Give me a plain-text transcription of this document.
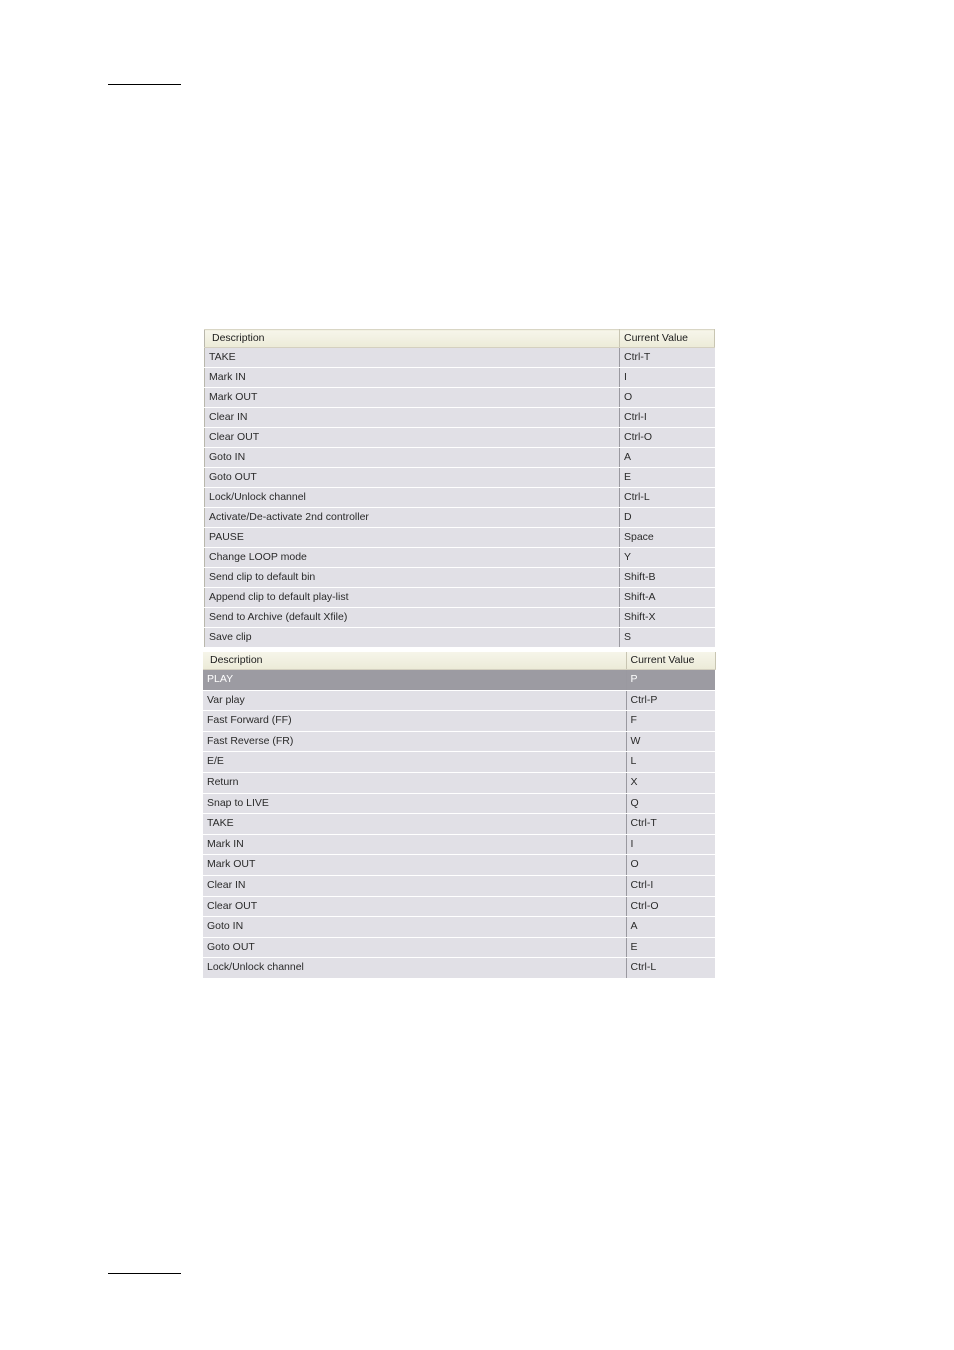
Description	Current Value
TAKE	Ctrl-T
Mark IN	I
Mark OUT	O
Clear IN	Ctrl-I
Clear OUT	Ctrl-O
Goto IN	A
Goto OUT	E
Lock/Unlock channel	Ctrl-L
Activate/De-activate 2nd controller	D
PAUSE	Space
Change LOOP mode	Y
Send clip to default bin	Shift-B
Append clip to default play-list	Shift-A
Send to Archive (default Xfile)	Shift-X
Save clip	S
Description	Current Value
PLAY	P
Var play	Ctrl-P
Fast Forward (FF)	F
Fast Reverse (FR)	W
E/E	L
Return	X
Snap to LIVE	Q
TAKE	Ctrl-T
Mark IN	I
Mark OUT	O
Clear IN	Ctrl-I
Clear OUT	Ctrl-O
Goto IN	A
Goto OUT	E
Lock/Unlock channel	Ctrl-L
